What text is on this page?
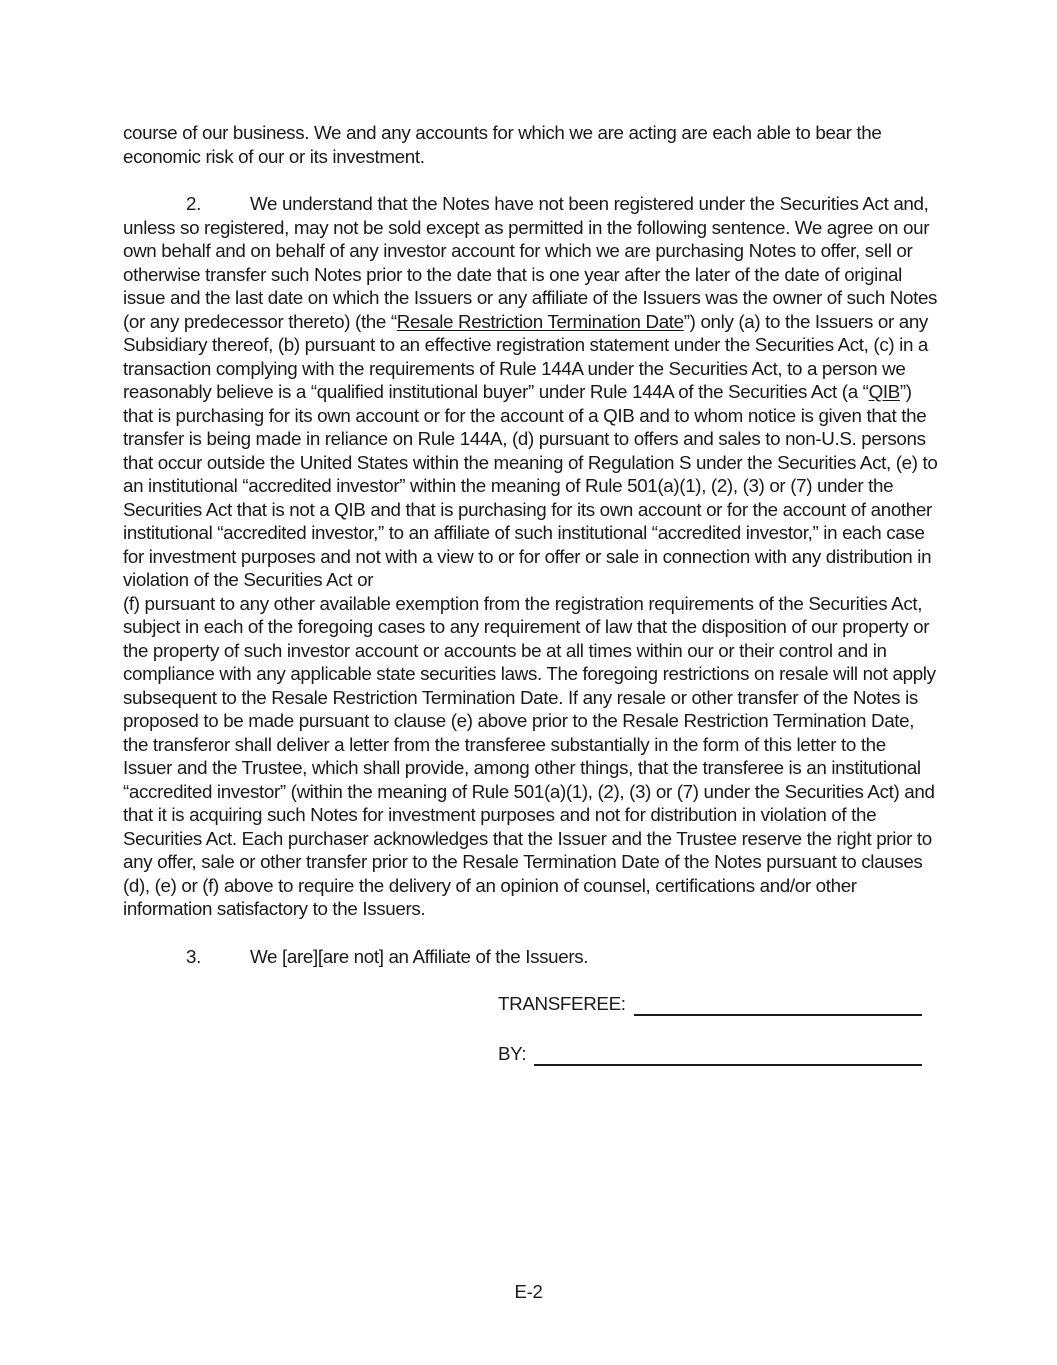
course of our business. We and any accounts for which we are acting are each able to bear the economic risk of our or its investment.
2.	We understand that the Notes have not been registered under the Securities Act and, unless so registered, may not be sold except as permitted in the following sentence. We agree on our own behalf and on behalf of any investor account for which we are purchasing Notes to offer, sell or otherwise transfer such Notes prior to the date that is one year after the later of the date of original issue and the last date on which the Issuers or any affiliate of the Issuers was the owner of such Notes (or any predecessor thereto) (the “Resale Restriction Termination Date”) only (a) to the Issuers or any Subsidiary thereof, (b) pursuant to an effective registration statement under the Securities Act, (c) in a transaction complying with the requirements of Rule 144A under the Securities Act, to a person we reasonably believe is a “qualified institutional buyer” under Rule 144A of the Securities Act (a “QIB”) that is purchasing for its own account or for the account of a QIB and to whom notice is given that the transfer is being made in reliance on Rule 144A, (d) pursuant to offers and sales to non-U.S. persons that occur outside the United States within the meaning of Regulation S under the Securities Act, (e) to an institutional “accredited investor” within the meaning of Rule 501(a)(1), (2), (3) or (7) under the Securities Act that is not a QIB and that is purchasing for its own account or for the account of another institutional “accredited investor,” to an affiliate of such institutional “accredited investor,” in each case for investment purposes and not with a view to or for offer or sale in connection with any distribution in violation of the Securities Act or
(f) pursuant to any other available exemption from the registration requirements of the Securities Act, subject in each of the foregoing cases to any requirement of law that the disposition of our property or the property of such investor account or accounts be at all times within our or their control and in compliance with any applicable state securities laws. The foregoing restrictions on resale will not apply subsequent to the Resale Restriction Termination Date. If any resale or other transfer of the Notes is proposed to be made pursuant to clause (e) above prior to the Resale Restriction Termination Date, the transferor shall deliver a letter from the transferee substantially in the form of this letter to the Issuer and the Trustee, which shall provide, among other things, that the transferee is an institutional “accredited investor” (within the meaning of Rule 501(a)(1), (2), (3) or (7) under the Securities Act) and that it is acquiring such Notes for investment purposes and not for distribution in violation of the Securities Act. Each purchaser acknowledges that the Issuer and the Trustee reserve the right prior to any offer, sale or other transfer prior to the Resale Termination Date of the Notes pursuant to clauses (d), (e) or (f) above to require the delivery of an opinion of counsel, certifications and/or other information satisfactory to the Issuers.
3.	We [are][are not] an Affiliate of the Issuers.
TRANSFEREE:
BY:
E-2
